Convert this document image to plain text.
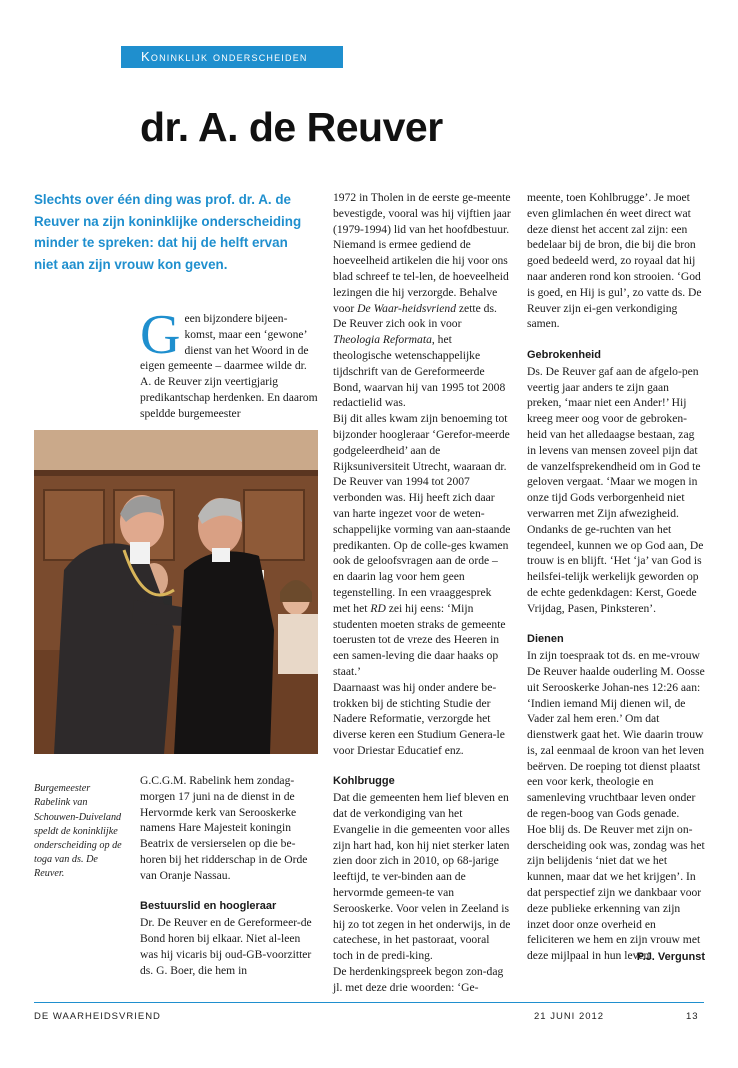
Koninklijk onderscheiden
dr. A. de Reuver

Slechts over één ding was prof. dr. A. de Reuver na zijn koninklijke onderscheiding minder te spreken: dat hij de helft ervan niet aan zijn vrouw kon geven.

G een bijzondere bijeen-komst, maar een ‘gewone’ dienst van het Woord in de eigen gemeente – daarmee wilde dr. A. de Reuver zijn veertigjarig predikantschap herdenken. En daarom speldde burgemeester

Burgemeester Rabelink van Schouwen-Duiveland speldt de koninklijke onderscheiding op de toga van ds. De Reuver.

G.C.G.M. Rabelink hem zondag-morgen 17 juni na de dienst in de Hervormde kerk van Serooskerke namens Hare Majesteit koningin Beatrix de versierselen op die be-horen bij het ridderschap in de Orde van Oranje Nassau.

Bestuurslid en hoogleraar

Dr. De Reuver en de Gereformeer-de Bond horen bij elkaar. Niet al-leen was hij vicaris bij oud-GB-voorzitter ds. G. Boer, die hem in

1972 in Tholen in de eerste ge-meente bevestigde, vooral was hij vijftien jaar (1979-1994) lid van het hoofdbestuur. Niemand is ermee gediend de hoeveelheid artikelen die hij voor ons blad schreef te tel-len, de hoeveelheid lezingen die hij verzorgde. Behalve voor De Waar-heidsvriend zette ds. De Reuver zich ook in voor Theologia Reformata, het theologische wetenschappelijke tijdschrift van de Gereformeerde Bond, waarvan hij van 1995 tot 2008 redactielid was.

Bij dit alles kwam zijn benoeming tot bijzonder hoogleraar ‘Gerefor-meerde godgeleerdheid’ aan de Rijksuniversiteit Utrecht, waaraan dr. De Reuver van 1994 tot 2007 verbonden was. Hij heeft zich daar van harte ingezet voor de weten-schappelijke vorming van aan-staande predikanten. Op de colle-ges kwamen ook de geloofsvragen aan de orde – en daarin lag voor hem geen tegenstelling. In een vraaggesprek met het RD zei hij eens: ‘Mijn studenten moeten straks de gemeente toerusten tot de vreze des Heeren in een samen-leving die daar haaks op staat.’

Daarnaast was hij onder andere be-trokken bij de stichting Studie der Nadere Reformatie, verzorgde het diverse keren een Studium Genera-le voor Driestar Educatief enz.

Kohlbrugge

Dat die gemeenten hem lief bleven en dat de verkondiging van het Evangelie in die gemeenten voor alles zijn hart had, kon hij niet sterker laten zien door zich in 2010, op 68-jarige leeftijd, te ver-binden aan de hervormde gemeen-te van Serooskerke. Voor velen in Zeeland is hij zo tot zegen in het onderwijs, in de catechese, in het pastoraat, vooral toch in de predi-king.

De herdenkingspreek begon zon-dag jl. met deze drie woorden: ‘Ge-

meente, toen Kohlbrugge’. Je moet even glimlachen én weet direct wat deze dienst het accent zal zijn: een bedelaar bij de bron, die bij die bron goed bedeeld werd, zo royaal dat hij naar anderen rond kon strooien. ‘God is goed, en Hij is gul’, zo vatte ds. De Reuver zijn ei-gen verkondiging samen.

Gebrokenheid

Ds. De Reuver gaf aan de afgelo-pen veertig jaar anders te zijn gaan preken, ‘maar niet een Ander!’ Hij kreeg meer oog voor de gebroken-heid van het alledaagse bestaan, zag in levens van mensen zoveel pijn dat de vanzelfsprekendheid om in God te geloven vergaat. ‘Maar we mogen in onze tijd Gods verborgenheid niet verwarren met Zijn afwezigheid. Ondanks de ge-ruchten van het tegendeel, kunnen we op God aan, De trouw is en blijft. ‘Het ‘ja’ van God is heilsfei-telijk werkelijk geworden op de echte gedenkdagen: Kerst, Goede Vrijdag, Pasen, Pinksteren’.

Dienen

In zijn toespraak tot ds. en me-vrouw De Reuver haalde ouderling M. Oosse uit Serooskerke Johan-nes 12:26 aan: ‘Indien iemand Mij dienen wil, de Vader zal hem eren.’ Om dat dienstwerk gaat het. Wie daarin trouw is, zal eenmaal de kroon van het leven beërven. De roeping tot dienst plaatst een voor kerk, theologie en samenleving vruchtbaar leven onder de regen-boog van Gods genade.

Hoe blij ds. De Reuver met zijn on-derscheiding ook was, zondag was het zijn belijdenis ‘niet dat we het kunnen, maar dat we het krijgen’. In dat perspectief zijn we dankbaar voor deze publieke erkenning van zijn inzet door onze overheid en feliciteren we hem en zijn vrouw met deze mijlpaal in hun leven.

P.J. Vergunst
DE WAARHEIDSVRIEND	21 JUNI 2012	13
